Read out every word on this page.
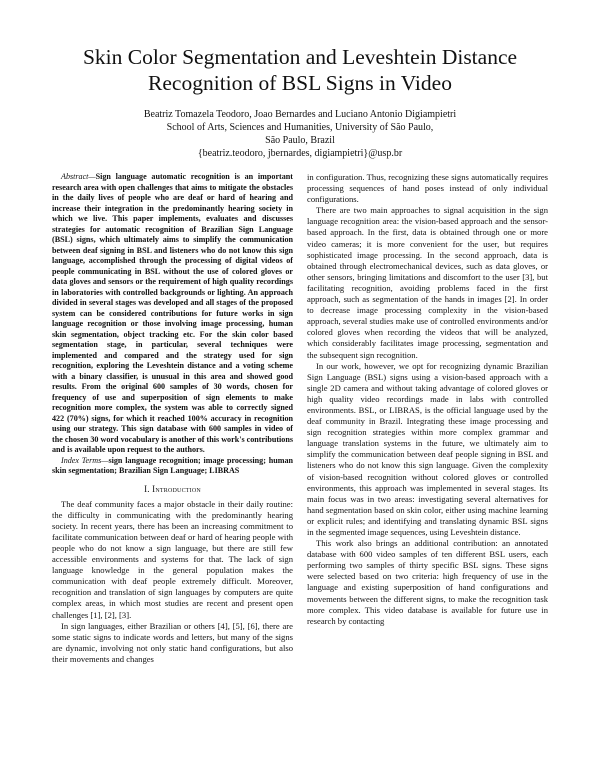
Skin Color Segmentation and Leveshtein Distance Recognition of BSL Signs in Video
Beatriz Tomazela Teodoro, Joao Bernardes and Luciano Antonio Digiampietri
School of Arts, Sciences and Humanities, University of São Paulo,
São Paulo, Brazil
{beatriz.teodoro, jbernardes, digiampietri}@usp.br

Abstract—Sign language automatic recognition is an important research area with open challenges that aims to mitigate the obstacles in the daily lives of people who are deaf or hard of hearing and increase their integration in the predominantly hearing society in which we live. This paper implements, evaluates and discusses strategies for automatic recognition of Brazilian Sign Language (BSL) signs, which ultimately aims to simplify the communication between deaf signing in BSL and listeners who do not know this sign language, accomplished through the processing of digital videos of people communicating in BSL without the use of colored gloves or data gloves and sensors or the requirement of high quality recordings in laboratories with controlled backgrounds or lighting. An approach divided in several stages was developed and all stages of the proposed system can be considered contributions for future works in sign language recognition or those involving image processing, human skin segmentation, object tracking etc. For the skin color based segmentation stage, in particular, several techniques were implemented and compared and the strategy used for sign recognition, exploring the Leveshtein distance and a voting scheme with a binary classifier, is unusual in this area and showed good results. From the original 600 samples of 30 words, chosen for frequency of use and superposition of sign elements to make recognition more complex, the system was able to correctly signed 422 (70%) signs, for which it reached 100% accuracy in recognition using our strategy. This sign database with 600 samples in video of the chosen 30 word vocabulary is another of this work's contributions and is available upon request to the authors.

Index Terms—sign language recognition; image processing; human skin segmentation; Brazilian Sign Language; LIBRAS

I. Introduction

The deaf community faces a major obstacle in their daily routine: the difficulty in communicating with the predominantly hearing society. In recent years, there has been an increasing commitment to facilitate communication between deaf or hard of hearing people with people who do not know a sign language, but there are still few accessible environments and systems for that. The lack of sign language knowledge in the general population makes the communication with deaf people extremely difficult. Moreover, recognition and translation of sign languages by computers are quite complex areas, in which most studies are recent and present open challenges [1], [2], [3].

In sign languages, either Brazilian or others [4], [5], [6], there are some static signs to indicate words and letters, but many of the signs are dynamic, involving not only static hand configurations, but also their movements and changes

in configuration. Thus, recognizing these signs automatically requires processing sequences of hand poses instead of only individual configurations.

There are two main approaches to signal acquisition in the sign language recognition area: the vision-based approach and the sensor-based approach. In the first, data is obtained through one or more video cameras; it is more convenient for the user, but requires sophisticated image processing. In the second approach, data is obtained through electromechanical devices, such as data gloves, or other sensors, bringing limitations and discomfort to the user [3], but facilitating recognition, avoiding problems faced in the first approach, such as segmentation of the hands in images [2]. In order to decrease image processing complexity in the vision-based approach, several studies make use of controlled environments and/or colored gloves when recording the videos that will be analyzed, which considerably facilitates image processing, segmentation and the subsequent sign recognition.

In our work, however, we opt for recognizing dynamic Brazilian Sign Language (BSL) signs using a vision-based approach with a single 2D camera and without taking advantage of colored gloves or high quality video recordings made in labs with controlled environments. BSL, or LIBRAS, is the official language used by the deaf community in Brazil. Integrating these image processing and sign recognition strategies within more complex grammar and language translation systems in the future, we ultimately aim to simplify the communication between deaf people signing in BSL and listeners who do not know this sign language. Given the complexity of vision-based recognition without colored gloves or controlled environments, this approach was implemented in several stages. Its main focus was in two areas: investigating several alternatives for hand segmentation based on skin color, either using machine learning or explicit rules; and identifying and translating dynamic BSL signs in the segmented image sequences, using Leveshtein distance.

This work also brings an additional contribution: an annotated database with 600 video samples of ten different BSL users, each performing two samples of thirty specific BSL signs. These signs were selected based on two criteria: high frequency of use in the language and existing superposition of hand configurations and movements between the different signs, to make the recognition task more complex. This video database is available for future use in research by contacting
